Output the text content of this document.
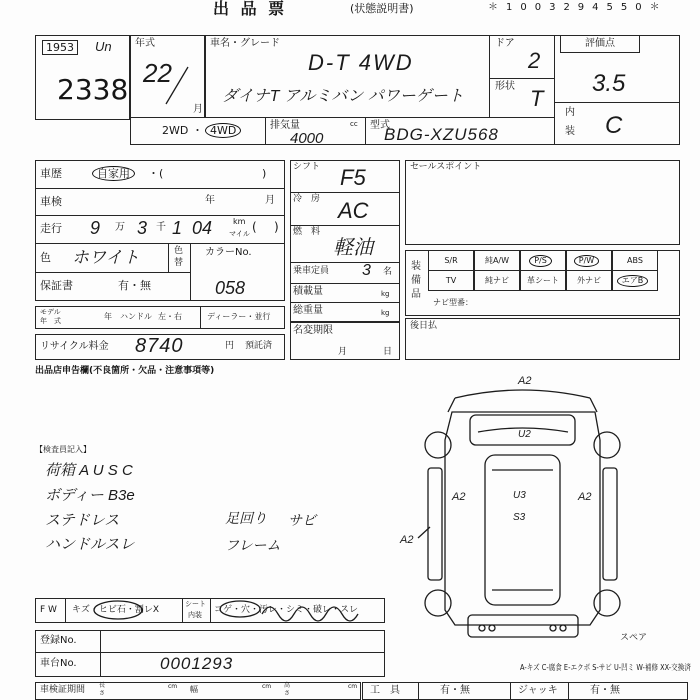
出 品 票	(状態説明書)	＊1003294550＊
1953	Un
2338
年式
22
月
車名・グレード
D-T 4WD
ダイナT アルミバン パワーゲート
ドア
2
形状 T
評価点
3.5
内
装 C
2WD ・ 4WD	排気量
4000
cc 型式
BDG-XZU568
車歴	自家用	・(	)
車検	年	月
走行 9 万 3 千 1 04	km
マイル ( )
色 ホワイト	色
替
カラーNo.
058
保証書	有・無
モデル
年　式	年 ハンドル 左・右	ディーラー・並行
リサイクル料金 8740	円 預託済
シフト F5
冷　房 AC
燃　料
軽油
乗車定員 3 名
積載量	kg
総重量	kg
名変期限
月	日
セールスポイント
装
備
品
S/R	純A/W	P/S	P/W	ABS
TV	純ナビ	革シート	外ナビ	エアB
ナビ型番：
後日払
出品店申告欄(不良箇所・欠品・注意事項等)
【検査員記入】
荷箱 A U S C
ボディー B3e
ステドレス
ハンドルスレ
足回り
フレーム
サビ
F W キズ・ヒビ石・割レX
シート
内装 コゲ・穴・汚レ・シミ・破レ・スレ
登録No.
車台No.	0001293
車検証期間 長
さ
cm 幅	cm 高
さ
cm
A-キズ C-腐食 E-エクボ S-サビ U-凹ミ W-補修 XX-交換済
工　具	有・無	ジャッキ	有・無
A2
U2
U3
S3
A2	A2
A2
スペア
